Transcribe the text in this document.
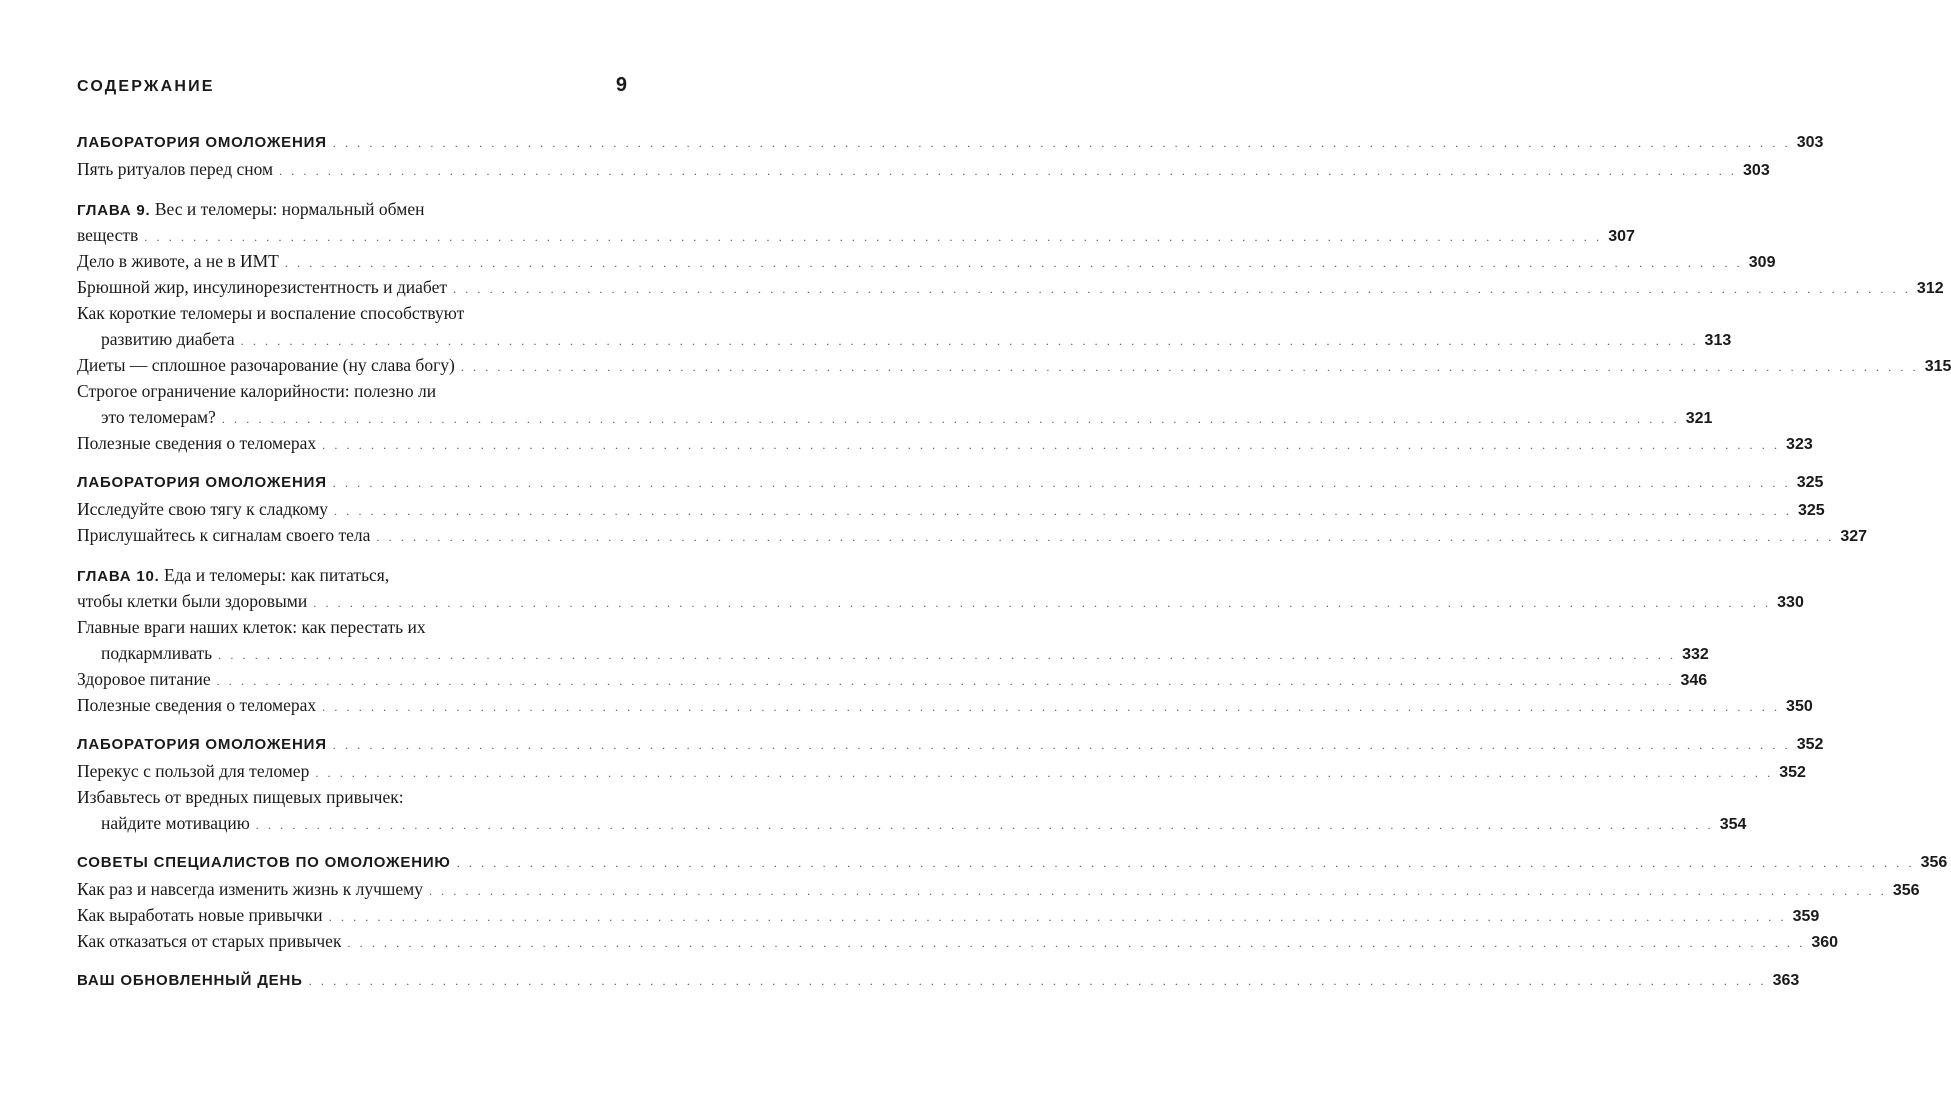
СОДЕРЖАНИЕ	9
ЛАБОРАТОРИЯ ОМОЛОЖЕНИЯ . . . . . . . . . . . . . . . . . . . . . . . . . . . . . . . . . . . . . . . . . . . . . . . . . . . . . . . . . . . . . . . . . . . . . . . . . . . . . . . . . . . . . . . . . . . . . . . . . . . . . . . . . . . . . . . . . . . . . . . . 303
Пять ритуалов перед сном . . . . . . . . . . . . . . . . . . . . . . . . . . . . . . . . . . . . . . . . . . . . . . . . . . . . . . . . . . . . . . . . . . . . . . . . . . . . . . . . . . . . . . . . . . . . . . . . . . . . . . . . . . . . . . . . . . . . . . . . 303
ГЛАВА 9. Вес и теломеры: нормальный обмен
веществ . . . . . . . . . . . . . . . . . . . . . . . . . . . . . . . . . . . . . . . . . . . . . . . . . . . . . . . . . . . . . . . . . . . . . . . . . . . . . . . . . . . . . . . . . . . . . . . . . . . . . . . . . . . . . . . . . . . . . . . . 307
Дело в животе, а не в ИМТ . . . . . . . . . . . . . . . . . . . . . . . . . . . . . . . . . . . . . . . . . . . . . . . . . . . . . . . . . . . . . . . . . . . . . . . . . . . . . . . . . . . . . . . . . . . . . . . . . . . . . . . . . . . . . . . . . . . . . . . . 309
Брюшной жир, инсулинорезистентность и диабет . . . . . . . . . . . . . . . . . . . . . . . . . . . . . . . . . . . . . . . . . . . . . . . . . . . . . . . . . . . . . . . . . . . . . . . . . . . . . . . . . . . . . . . . . . . . . . . . . . . . . . . . . . . . . . . . . . . . . . . . 312
Как короткие теломеры и воспаление способствуют
развитию диабета . . . . . . . . . . . . . . . . . . . . . . . . . . . . . . . . . . . . . . . . . . . . . . . . . . . . . . . . . . . . . . . . . . . . . . . . . . . . . . . . . . . . . . . . . . . . . . . . . . . . . . . . . . . . . . . . . . . . . . . . 313
Диеты — сплошное разочарование (ну слава богу) . . . . . . . . . . . . . . . . . . . . . . . . . . . . . . . . . . . . . . . . . . . . . . . . . . . . . . . . . . . . . . . . . . . . . . . . . . . . . . . . . . . . . . . . . . . . . . . . . . . . . . . . . . . . . . . . . . . . . . . . 315
Строгое ограничение калорийности: полезно ли
это теломерам? . . . . . . . . . . . . . . . . . . . . . . . . . . . . . . . . . . . . . . . . . . . . . . . . . . . . . . . . . . . . . . . . . . . . . . . . . . . . . . . . . . . . . . . . . . . . . . . . . . . . . . . . . . . . . . . . . . . . . . . . 321
Полезные сведения о теломерах . . . . . . . . . . . . . . . . . . . . . . . . . . . . . . . . . . . . . . . . . . . . . . . . . . . . . . . . . . . . . . . . . . . . . . . . . . . . . . . . . . . . . . . . . . . . . . . . . . . . . . . . . . . . . . . . . . . . . . . . 323
ЛАБОРАТОРИЯ ОМОЛОЖЕНИЯ . . . . . . . . . . . . . . . . . . . . . . . . . . . . . . . . . . . . . . . . . . . . . . . . . . . . . . . . . . . . . . . . . . . . . . . . . . . . . . . . . . . . . . . . . . . . . . . . . . . . . . . . . . . . . . . . . . . . . . . . 325
Исследуйте свою тягу к сладкому . . . . . . . . . . . . . . . . . . . . . . . . . . . . . . . . . . . . . . . . . . . . . . . . . . . . . . . . . . . . . . . . . . . . . . . . . . . . . . . . . . . . . . . . . . . . . . . . . . . . . . . . . . . . . . . . . . . . . . . . 325
Прислушайтесь к сигналам своего тела . . . . . . . . . . . . . . . . . . . . . . . . . . . . . . . . . . . . . . . . . . . . . . . . . . . . . . . . . . . . . . . . . . . . . . . . . . . . . . . . . . . . . . . . . . . . . . . . . . . . . . . . . . . . . . . . . . . . . . . . 327
ГЛАВА 10. Еда и теломеры: как питаться,
чтобы клетки были здоровыми . . . . . . . . . . . . . . . . . . . . . . . . . . . . . . . . . . . . . . . . . . . . . . . . . . . . . . . . . . . . . . . . . . . . . . . . . . . . . . . . . . . . . . . . . . . . . . . . . . . . . . . . . . . . . . . . . . . . . . . . 330
Главные враги наших клеток: как перестать их
подкармливать . . . . . . . . . . . . . . . . . . . . . . . . . . . . . . . . . . . . . . . . . . . . . . . . . . . . . . . . . . . . . . . . . . . . . . . . . . . . . . . . . . . . . . . . . . . . . . . . . . . . . . . . . . . . . . . . . . . . . . . . 332
Здоровое питание . . . . . . . . . . . . . . . . . . . . . . . . . . . . . . . . . . . . . . . . . . . . . . . . . . . . . . . . . . . . . . . . . . . . . . . . . . . . . . . . . . . . . . . . . . . . . . . . . . . . . . . . . . . . . . . . . . . . . . . . 346
Полезные сведения о теломерах . . . . . . . . . . . . . . . . . . . . . . . . . . . . . . . . . . . . . . . . . . . . . . . . . . . . . . . . . . . . . . . . . . . . . . . . . . . . . . . . . . . . . . . . . . . . . . . . . . . . . . . . . . . . . . . . . . . . . . . . 350
ЛАБОРАТОРИЯ ОМОЛОЖЕНИЯ . . . . . . . . . . . . . . . . . . . . . . . . . . . . . . . . . . . . . . . . . . . . . . . . . . . . . . . . . . . . . . . . . . . . . . . . . . . . . . . . . . . . . . . . . . . . . . . . . . . . . . . . . . . . . . . . . . . . . . . . 352
Перекус с пользой для теломер . . . . . . . . . . . . . . . . . . . . . . . . . . . . . . . . . . . . . . . . . . . . . . . . . . . . . . . . . . . . . . . . . . . . . . . . . . . . . . . . . . . . . . . . . . . . . . . . . . . . . . . . . . . . . . . . . . . . . . . . 352
Избавьтесь от вредных пищевых привычек:
найдите мотивацию . . . . . . . . . . . . . . . . . . . . . . . . . . . . . . . . . . . . . . . . . . . . . . . . . . . . . . . . . . . . . . . . . . . . . . . . . . . . . . . . . . . . . . . . . . . . . . . . . . . . . . . . . . . . . . . . . . . . . . . . 354
СОВЕТЫ СПЕЦИАЛИСТОВ ПО ОМОЛОЖЕНИЮ . . . . . . . . . . . . . . . . . . . . . . . . . . . . . . . . . . . . . . . . . . . . . . . . . . . . . . . . . . . . . . . . . . . . . . . . . . . . . . . . . . . . . . . . . . . . . . . . . . . . . . . . . . . . . . . . . . . . . . . . 356
Как раз и навсегда изменить жизнь к лучшему . . . . . . . . . . . . . . . . . . . . . . . . . . . . . . . . . . . . . . . . . . . . . . . . . . . . . . . . . . . . . . . . . . . . . . . . . . . . . . . . . . . . . . . . . . . . . . . . . . . . . . . . . . . . . . . . . . . . . . . . 356
Как выработать новые привычки . . . . . . . . . . . . . . . . . . . . . . . . . . . . . . . . . . . . . . . . . . . . . . . . . . . . . . . . . . . . . . . . . . . . . . . . . . . . . . . . . . . . . . . . . . . . . . . . . . . . . . . . . . . . . . . . . . . . . . . . 359
Как отказаться от старых привычек . . . . . . . . . . . . . . . . . . . . . . . . . . . . . . . . . . . . . . . . . . . . . . . . . . . . . . . . . . . . . . . . . . . . . . . . . . . . . . . . . . . . . . . . . . . . . . . . . . . . . . . . . . . . . . . . . . . . . . . . 360
ВАШ ОБНОВЛЕННЫЙ ДЕНЬ . . . . . . . . . . . . . . . . . . . . . . . . . . . . . . . . . . . . . . . . . . . . . . . . . . . . . . . . . . . . . . . . . . . . . . . . . . . . . . . . . . . . . . . . . . . . . . . . . . . . . . . . . . . . . . . . . . . . . . . . 363
